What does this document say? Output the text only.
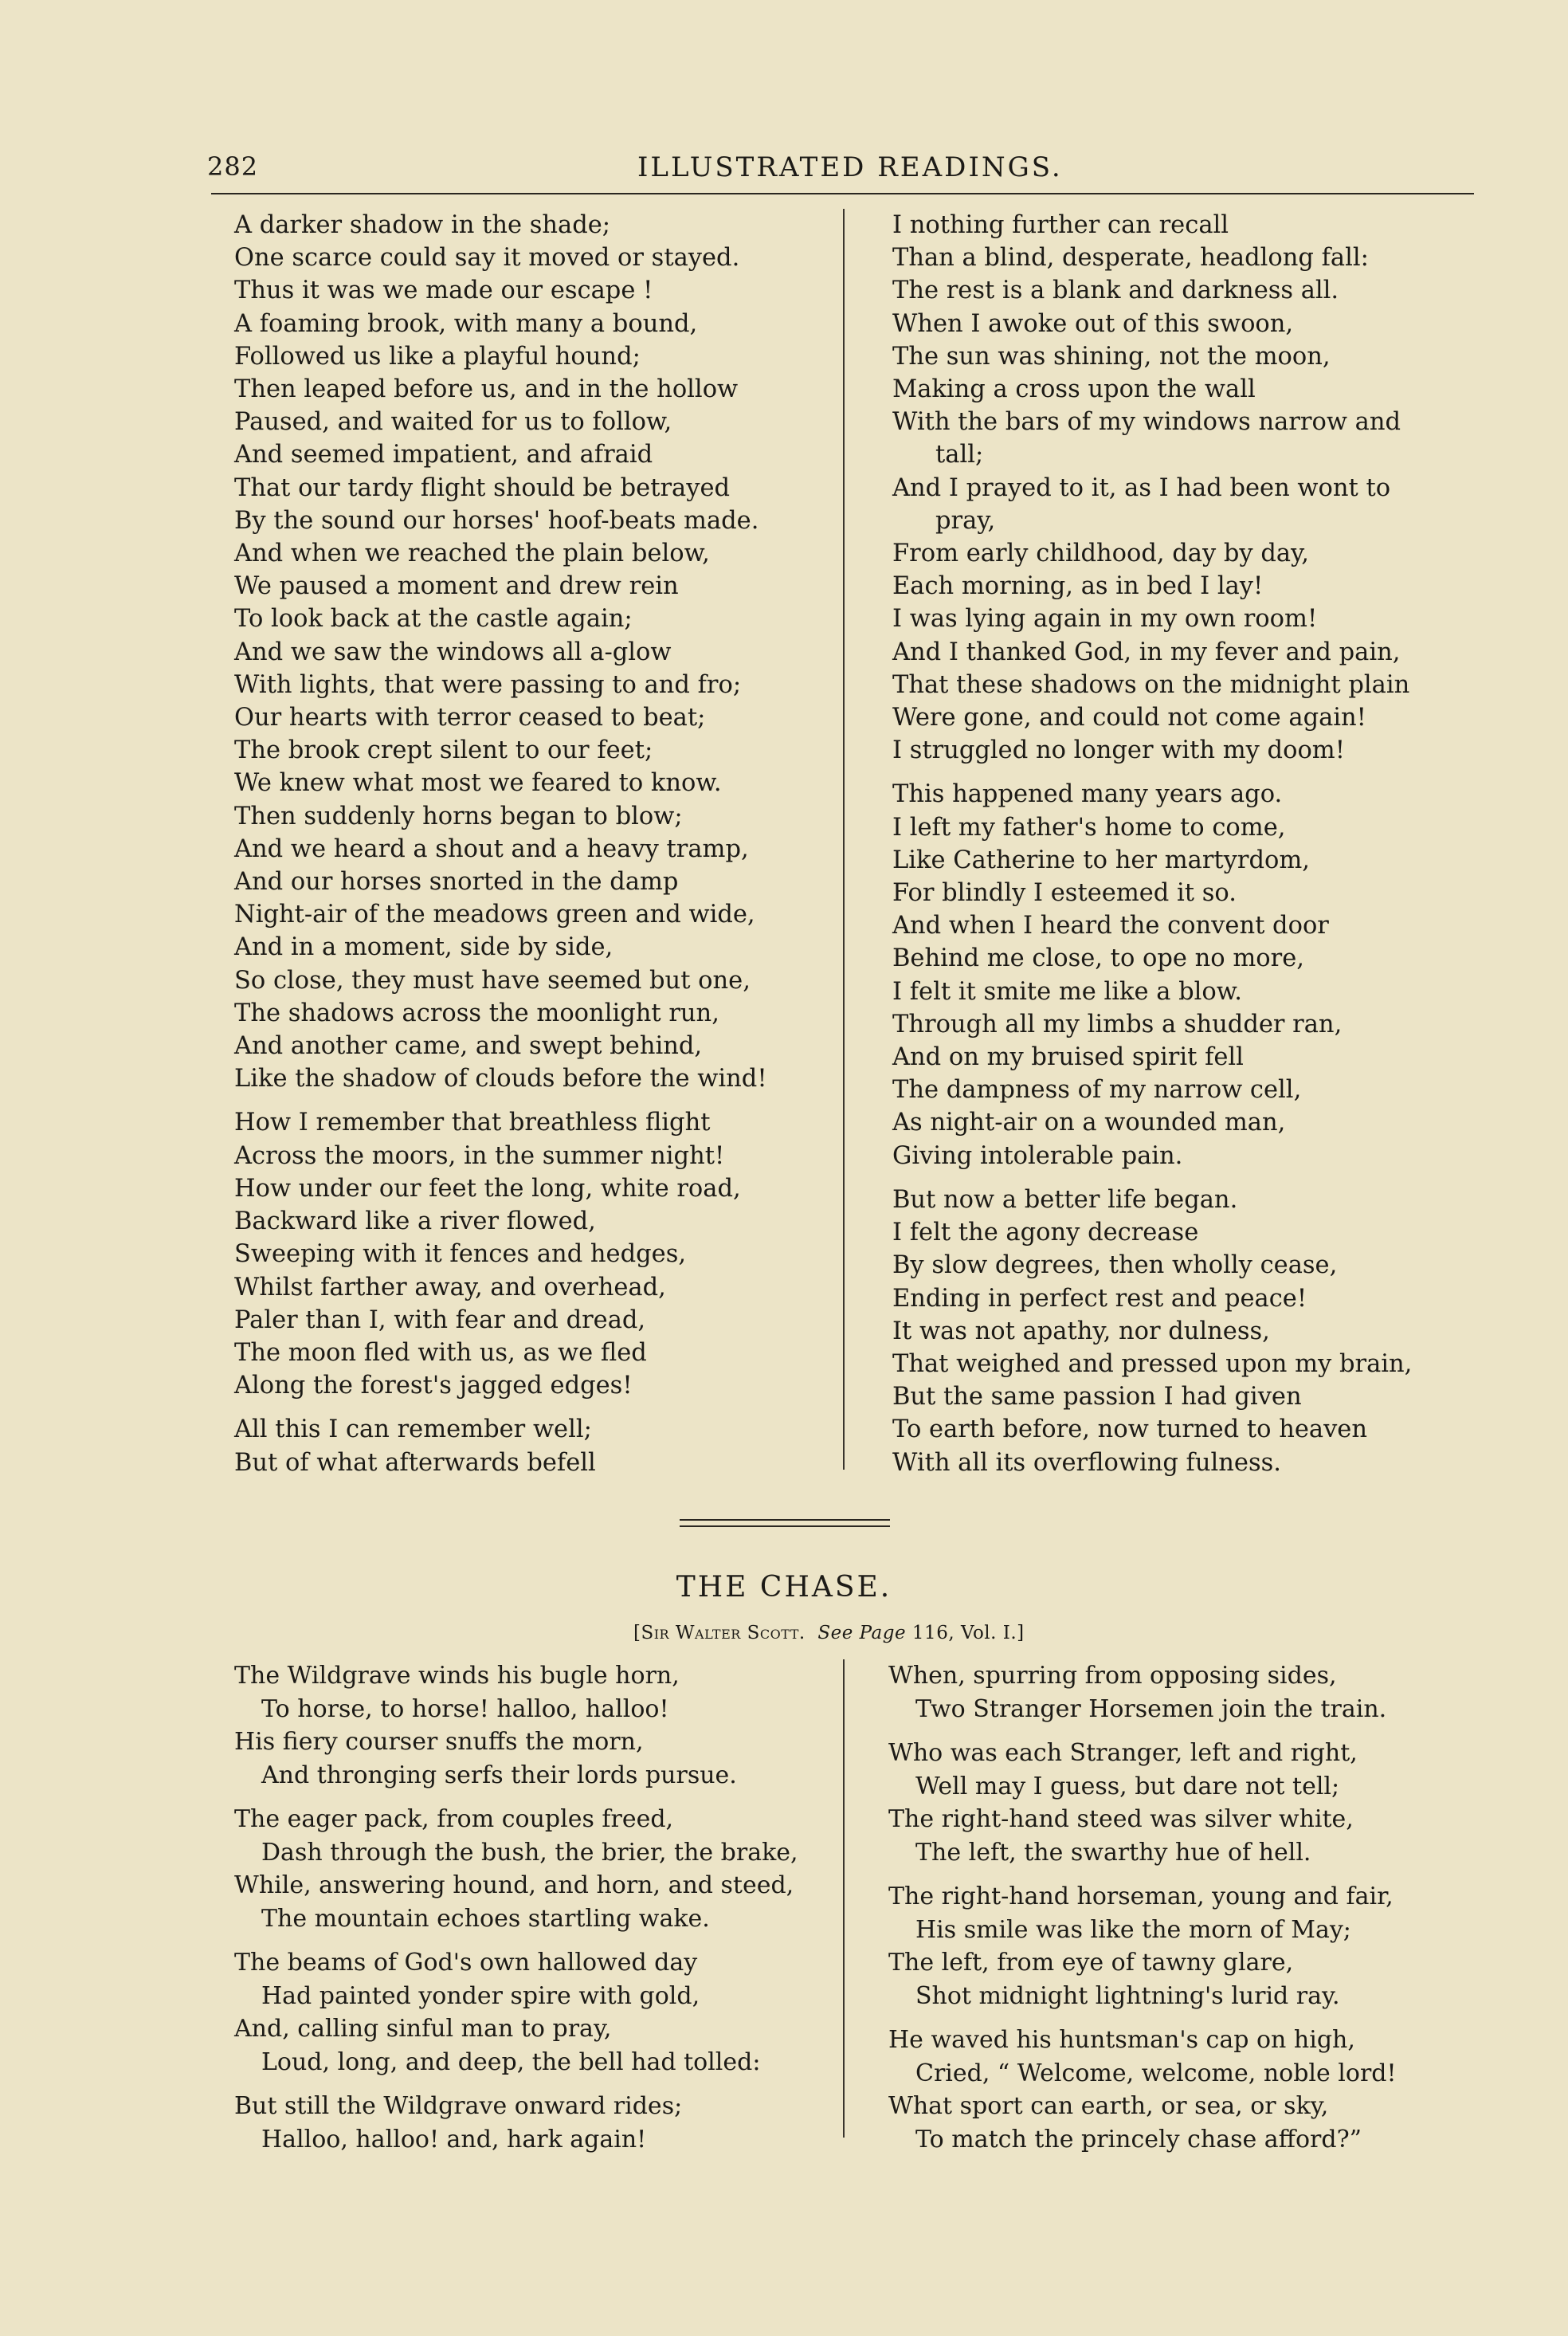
282	ILLUSTRATED READINGS.
A darker shadow in the shade;
One scarce could say it moved or stayed.
Thus it was we made our escape !
A foaming brook, with many a bound,
Followed us like a playful hound;
Then leaped before us, and in the hollow
Paused, and waited for us to follow,
And seemed impatient, and afraid
That our tardy flight should be betrayed
By the sound our horses' hoof-beats made.
And when we reached the plain below,
We paused a moment and drew rein
To look back at the castle again;
And we saw the windows all a-glow
With lights, that were passing to and fro;
Our hearts with terror ceased to beat;
The brook crept silent to our feet;
We knew what most we feared to know.
Then suddenly horns began to blow;
And we heard a shout and a heavy tramp,
And our horses snorted in the damp
Night-air of the meadows green and wide,
And in a moment, side by side,
So close, they must have seemed but one,
The shadows across the moonlight run,
And another came, and swept behind,
Like the shadow of clouds before the wind!
How I remember that breathless flight
Across the moors, in the summer night!
How under our feet the long, white road,
Backward like a river flowed,
Sweeping with it fences and hedges,
Whilst farther away, and overhead,
Paler than I, with fear and dread,
The moon fled with us, as we fled
Along the forest's jagged edges!
All this I can remember well;
But of what afterwards befell
I nothing further can recall
Than a blind, desperate, headlong fall:
The rest is a blank and darkness all.
When I awoke out of this swoon,
The sun was shining, not the moon,
Making a cross upon the wall
With the bars of my windows narrow and
tall;
And I prayed to it, as I had been wont to
pray,
From early childhood, day by day,
Each morning, as in bed I lay!
I was lying again in my own room!
And I thanked God, in my fever and pain,
That these shadows on the midnight plain
Were gone, and could not come again!
I struggled no longer with my doom!
This happened many years ago.
I left my father's home to come,
Like Catherine to her martyrdom,
For blindly I esteemed it so.
And when I heard the convent door
Behind me close, to ope no more,
I felt it smite me like a blow.
Through all my limbs a shudder ran,
And on my bruised spirit fell
The dampness of my narrow cell,
As night-air on a wounded man,
Giving intolerable pain.
But now a better life began.
I felt the agony decrease
By slow degrees, then wholly cease,
Ending in perfect rest and peace!
It was not apathy, nor dulness,
That weighed and pressed upon my brain,
But the same passion I had given
To earth before, now turned to heaven
With all its overflowing fulness.
THE CHASE.
[Sir Walter Scott. See Page 116, Vol. I.]
The Wildgrave winds his bugle horn,
To horse, to horse! halloo, halloo!
His fiery courser snuffs the morn,
And thronging serfs their lords pursue.
The eager pack, from couples freed,
Dash through the bush, the brier, the brake,
While, answering hound, and horn, and steed,
The mountain echoes startling wake.
The beams of God's own hallowed day
Had painted yonder spire with gold,
And, calling sinful man to pray,
Loud, long, and deep, the bell had tolled:
But still the Wildgrave onward rides;
Halloo, halloo! and, hark again!
When, spurring from opposing sides,
Two Stranger Horsemen join the train.
Who was each Stranger, left and right,
Well may I guess, but dare not tell;
The right-hand steed was silver white,
The left, the swarthy hue of hell.
The right-hand horseman, young and fair,
His smile was like the morn of May;
The left, from eye of tawny glare,
Shot midnight lightning's lurid ray.
He waved his huntsman's cap on high,
Cried, “ Welcome, welcome, noble lord!
What sport can earth, or sea, or sky,
To match the princely chase afford?”
